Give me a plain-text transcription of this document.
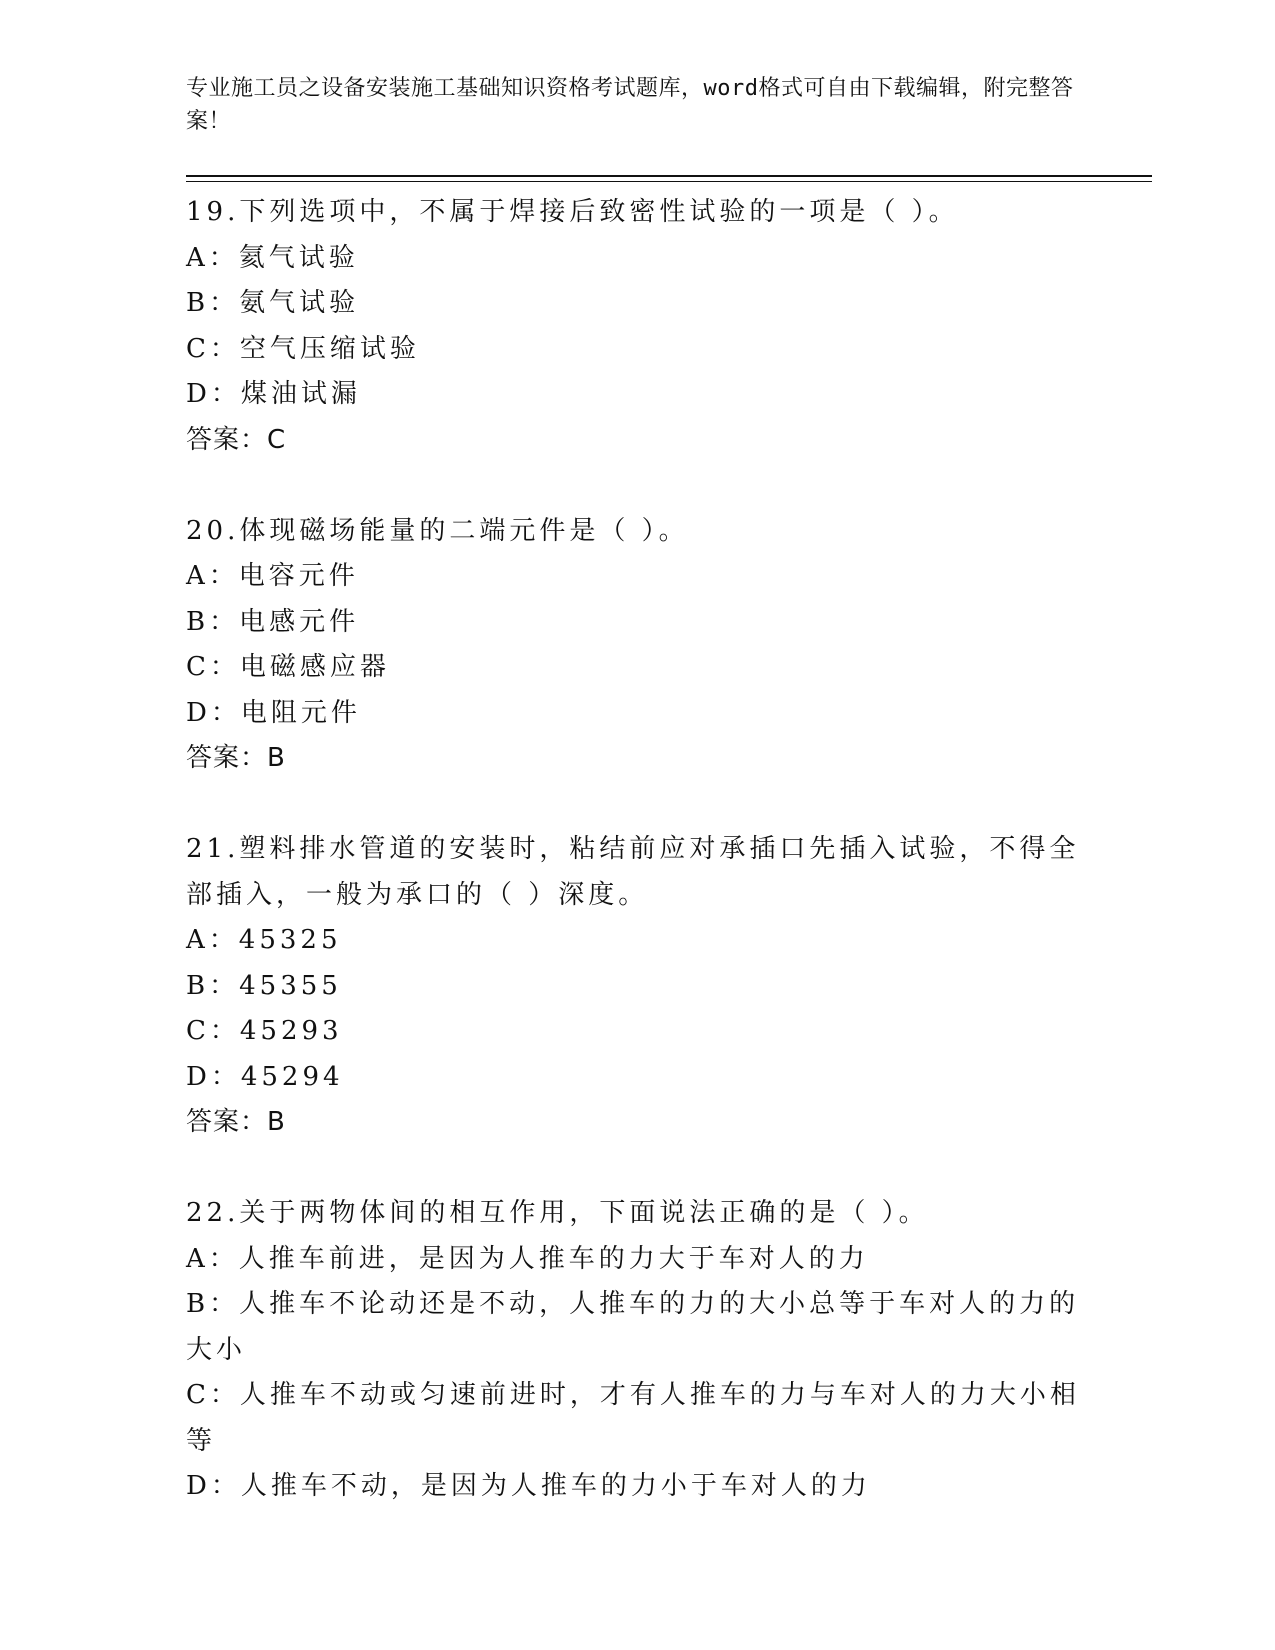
专业施工员之设备安装施工基础知识资格考试题库，word格式可自由下载编辑，附完整答案！

19.下列选项中，不属于焊接后致密性试验的一项是（ ）。

A：氦气试验

B：氨气试验

C：空气压缩试验

D：煤油试漏

答案：C

20.体现磁场能量的二端元件是（ ）。

A：电容元件

B：电感元件

C：电磁感应器

D：电阻元件

答案：B

21.塑料排水管道的安装时，粘结前应对承插口先插入试验，不得全部插入，一般为承口的（ ）深度。

A：45325

B：45355

C：45293

D：45294

答案：B

22.关于两物体间的相互作用，下面说法正确的是（ ）。

A：人推车前进，是因为人推车的力大于车对人的力

B：人推车不论动还是不动，人推车的力的大小总等于车对人的力的大小

C：人推车不动或匀速前进时，才有人推车的力与车对人的力大小相等

D：人推车不动，是因为人推车的力小于车对人的力
